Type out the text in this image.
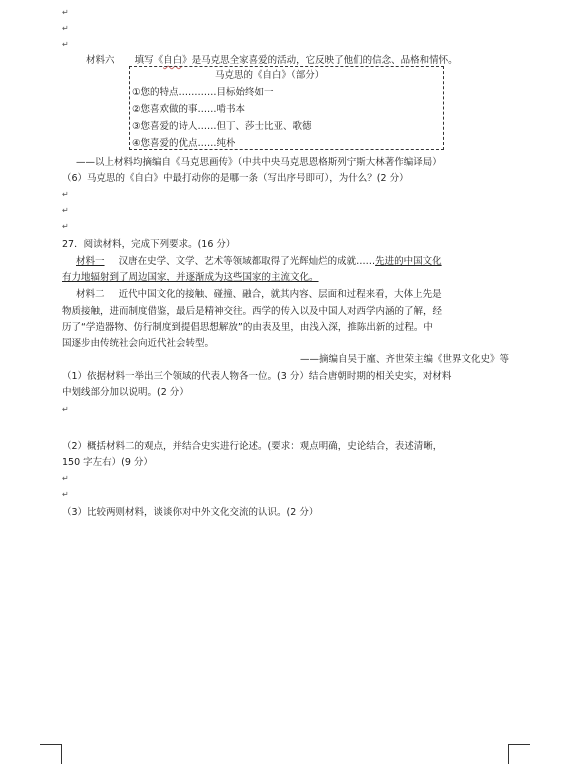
↵
↵
↵
材料六 填写《自白》是马克思全家喜爱的活动，它反映了他们的信念、品格和情怀。
马克思的《自白》（部分）
①您的特点…………目标始终如一
②您喜欢做的事……啃书本
③您喜爱的诗人……但丁、莎士比亚、歌德
④您喜爱的优点……纯朴
——以上材料均摘编自《马克思画传》（中共中央马克思恩格斯列宁斯大林著作编译局）
（6）马克思的《自白》中最打动你的是哪一条（写出序号即可），为什么？(2 分）
↵
↵
↵
27．阅读材料，完成下列要求。(16 分）
材料一 汉唐在史学、文学、艺术等领域都取得了光辉灿烂的成就……先进的中国文化
有力地辐射到了周边国家，并逐渐成为这些国家的主流文化。
材料二 近代中国文化的接触、碰撞、融合，就其内容、层面和过程来看，大体上先是
物质接触，进而制度借鉴，最后是精神交往。西学的传入以及中国人对西学内涵的了解，经
历了“学造器物、仿行制度到提倡思想解放”的由表及里，由浅入深，推陈出新的过程。中
国逐步由传统社会向近代社会转型。
——摘编自吴于廑、齐世荣主编《世界文化史》等
（1）依据材料一举出三个领域的代表人物各一位。(3 分）结合唐朝时期的相关史实，对材料
中划线部分加以说明。(2 分）
↵
（2）概括材料二的观点，并结合史实进行论述。(要求：观点明确，史论结合，表述清晰，
150 字左右）(9 分）
↵
↵
（3）比较两则材料，谈谈你对中外文化交流的认识。(2 分）
